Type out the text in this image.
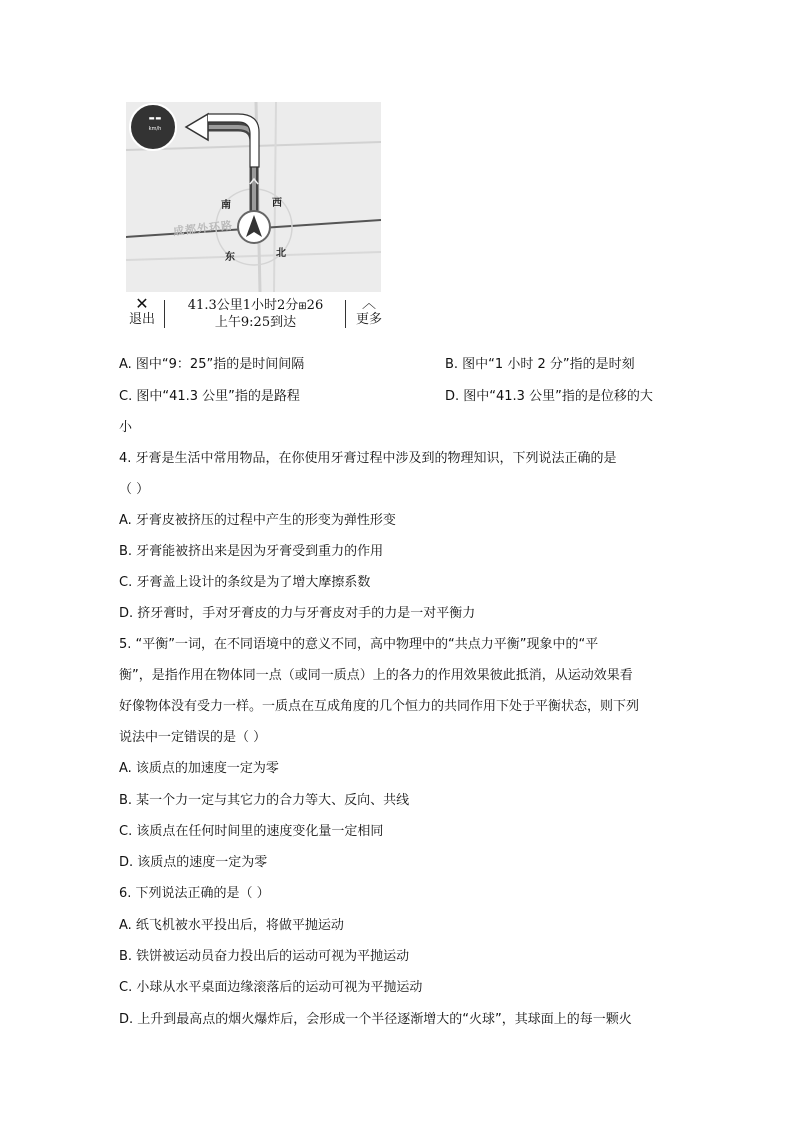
--
km/h
成都外环路
南	西
东	北
✕
退出
41.3公里1小时2分⊞26
上午9:25到达
︿
更多
A. 图中“9：25”指的是时间间隔	B. 图中“1 小时 2 分”指的是时刻
C. 图中“41.3 公里”指的是路程	D. 图中“41.3 公里”指的是位移的大
小
4. 牙膏是生活中常用物品，在你使用牙膏过程中涉及到的物理知识，下列说法正确的是
（ ）
A. 牙膏皮被挤压的过程中产生的形变为弹性形变
B. 牙膏能被挤出来是因为牙膏受到重力的作用
C. 牙膏盖上设计的条纹是为了增大摩擦系数
D. 挤牙膏时，手对牙膏皮的力与牙膏皮对手的力是一对平衡力
5. “平衡”一词，在不同语境中的意义不同，高中物理中的“共点力平衡”现象中的“平
衡”，是指作用在物体同一点（或同一质点）上的各力的作用效果彼此抵消，从运动效果看
好像物体没有受力一样。一质点在互成角度的几个恒力的共同作用下处于平衡状态，则下列
说法中一定错误的是（ ）
A. 该质点的加速度一定为零
B. 某一个力一定与其它力的合力等大、反向、共线
C. 该质点在任何时间里的速度变化量一定相同
D. 该质点的速度一定为零
6. 下列说法正确的是（ ）
A. 纸飞机被水平投出后，将做平抛运动
B. 铁饼被运动员奋力投出后的运动可视为平抛运动
C. 小球从水平桌面边缘滚落后的运动可视为平抛运动
D. 上升到最高点的烟火爆炸后，会形成一个半径逐渐增大的“火球”，其球面上的每一颗火
